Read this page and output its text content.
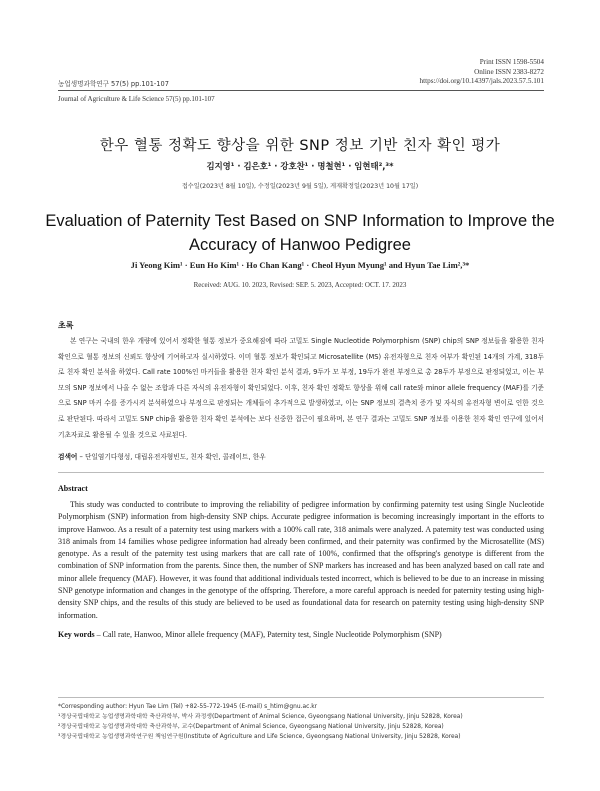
Print ISSN 1598-5504
Online ISSN 2383-8272
https://doi.org/10.14397/jals.2023.57.5.101
농업생명과학연구 57(5) pp.101-107
Journal of Agriculture & Life Science 57(5) pp.101-107
한우 혈통 정확도 향상을 위한 SNP 정보 기반 친자 확인 평가
김지영¹ · 김은호¹ · 강호찬¹ · 명철현¹ · 임현태²,³*
접수일(2023년 8월 10일), 수정일(2023년 9월 5일), 게재확정일(2023년 10월 17일)
Evaluation of Paternity Test Based on SNP Information to Improve the Accuracy of Hanwoo Pedigree
Ji Yeong Kim¹ · Eun Ho Kim¹ · Ho Chan Kang¹ · Cheol Hyun Myung¹ and Hyun Tae Lim²,³*
Received: AUG. 10. 2023, Revised: SEP. 5. 2023, Accepted: OCT. 17. 2023
초록
본 연구는 국내의 한우 개량에 있어서 정확한 혈통 정보가 중요해짐에 따라 고밀도 Single Nucleotide Polymorphism (SNP) chip의 SNP 정보들을 활용한 친자 확인으로 혈통 정보의 신뢰도 향상에 기여하고자 실시하였다. 이미 혈통 정보가 확인되고 Microsatellite (MS) 유전자형으로 친자 여부가 확인된 14개의 가계, 318두로 친자 확인 분석을 하였다. Call rate 100%인 마커들을 활용한 친자 확인 분석 결과, 9두가 모 부정, 19두가 완전 부정으로 총 28두가 부정으로 판정되었고, 이는 부모의 SNP 정보에서 나올 수 없는 조합과 다른 자식의 유전자형이 확인되었다. 이후, 친자 확인 정확도 향상을 위해 call rate와 minor allele frequency (MAF)를 기준으로 SNP 마커 수를 증가시켜 분석하였으나 부정으로 판정되는 개체들이 추가적으로 발생하였고, 이는 SNP 정보의 결측치 증가 및 자식의 유전자형 변이로 인한 것으로 판단된다. 따라서 고밀도 SNP chip을 활용한 친자 확인 분석에는 보다 신중한 접근이 필요하며, 본 연구 결과는 고밀도 SNP 정보를 이용한 친자 확인 연구에 있어서 기초자료로 활용될 수 있을 것으로 사료된다.
검색어 – 단일염기다형성, 대립유전자형빈도, 친자 확인, 콜레이트, 한우
Abstract
This study was conducted to contribute to improving the reliability of pedigree information by confirming paternity test using Single Nucleotide Polymorphism (SNP) information from high-density SNP chips. Accurate pedigree information is becoming increasingly important in the efforts to improve Hanwoo. As a result of a paternity test using markers with a 100% call rate, 318 animals were analyzed. A paternity test was conducted using 318 animals from 14 families whose pedigree information had already been confirmed, and their paternity was confirmed by the Microsatellite (MS) genotype. As a result of the paternity test using markers that are call rate of 100%, confirmed that the offspring's genotype is different from the combination of SNP information from the parents. Since then, the number of SNP markers has increased and has been analyzed based on call rate and minor allele frequency (MAF). However, it was found that additional individuals tested incorrect, which is believed to be due to an increase in missing SNP genotype information and changes in the genotype of the offspring. Therefore, a more careful approach is needed for paternity testing using high-density SNP chips, and the results of this study are believed to be used as foundational data for research on paternity testing using high-density SNP information.
Key words – Call rate, Hanwoo, Minor allele frequency (MAF), Paternity test, Single Nucleotide Polymorphism (SNP)
*Corresponding author: Hyun Tae Lim (Tel) +82-55-772-1945 (E-mail) s_htim@gnu.ac.kr
¹경상국립대학교 농업생명과학대학 축산과학부, 박사 과정생(Department of Animal Science, Gyeongsang National University, Jinju 52828, Korea)
²경상국립대학교 농업생명과학대학 축산과학부, 교수(Department of Animal Science, Gyeongsang National University, Jinju 52828, Korea)
³경상국립대학교 농업생명과학연구원 책임연구원(Institute of Agriculture and Life Science, Gyeongsang National University, Jinju 52828, Korea)
